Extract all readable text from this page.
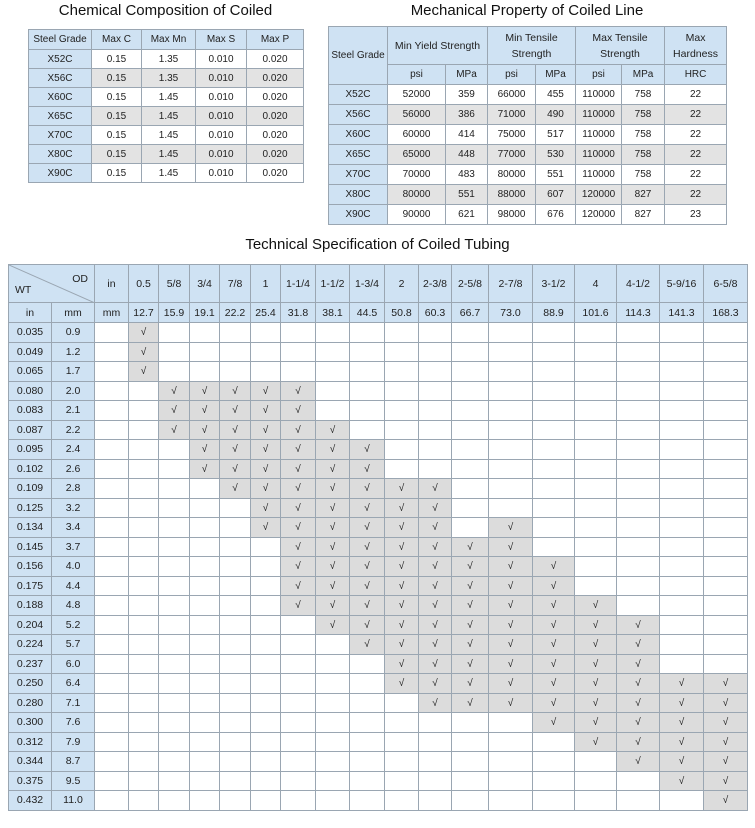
Chemical Composition of Coiled
Steel Grade	Max C	Max Mn	Max S	Max P
X52C	0.15	1.35	0.010	0.020
X56C	0.15	1.35	0.010	0.020
X60C	0.15	1.45	0.010	0.020
X65C	0.15	1.45	0.010	0.020
X70C	0.15	1.45	0.010	0.020
X80C	0.15	1.45	0.010	0.020
X90C	0.15	1.45	0.010	0.020
Mechanical Property of Coiled Line
Steel Grade	Min Yield Strength		Min Tensile Strength		Max Tensile Strength		Max Hardness
	psi	MPa	psi	MPa	psi	MPa	HRC
X52C	52000	359	66000	455	110000	758	22
X56C	56000	386	71000	490	110000	758	22
X60C	60000	414	75000	517	110000	758	22
X65C	65000	448	77000	530	110000	758	22
X70C	70000	483	80000	551	110000	758	22
X80C	80000	551	88000	607	120000	827	22
X90C	90000	621	98000	676	120000	827	23
Technical Specification of Coiled Tubing
OD
WT		in	0.5	5/8	3/4	7/8	1	1-1/4	1-1/2	1-3/4	2	2-3/8	2-5/8	2-7/8	3-1/2	4	4-1/2	5-9/16	6-5/8
in	mm	mm	12.7	15.9	19.1	22.2	25.4	31.8	38.1	44.5	50.8	60.3	66.7	73.0	88.9	101.6	114.3	141.3	168.3
0.035	0.9		√																
0.049	1.2		√																
0.065	1.7		√																
0.080	2.0			√	√	√	√	√											
0.083	2.1			√	√	√	√	√											
0.087	2.2			√	√	√	√	√	√										
0.095	2.4				√	√	√	√	√	√									
0.102	2.6				√	√	√	√	√	√									
0.109	2.8					√	√	√	√	√	√	√							
0.125	3.2						√	√	√	√	√	√							
0.134	3.4						√	√	√	√	√	√		√					
0.145	3.7							√	√	√	√	√	√	√					
0.156	4.0							√	√	√	√	√	√	√	√				
0.175	4.4							√	√	√	√	√	√	√	√				
0.188	4.8							√	√	√	√	√	√	√	√	√			
0.204	5.2								√	√	√	√	√	√	√	√	√		
0.224	5.7									√	√	√	√	√	√	√	√		
0.237	6.0										√	√	√	√	√	√	√		
0.250	6.4										√	√	√	√	√	√	√	√	√
0.280	7.1											√	√	√	√	√	√	√	√
0.300	7.6														√	√	√	√	√
0.312	7.9															√	√	√	√
0.344	8.7																√	√	√
0.375	9.5																	√	√
0.432	11.0																		√
